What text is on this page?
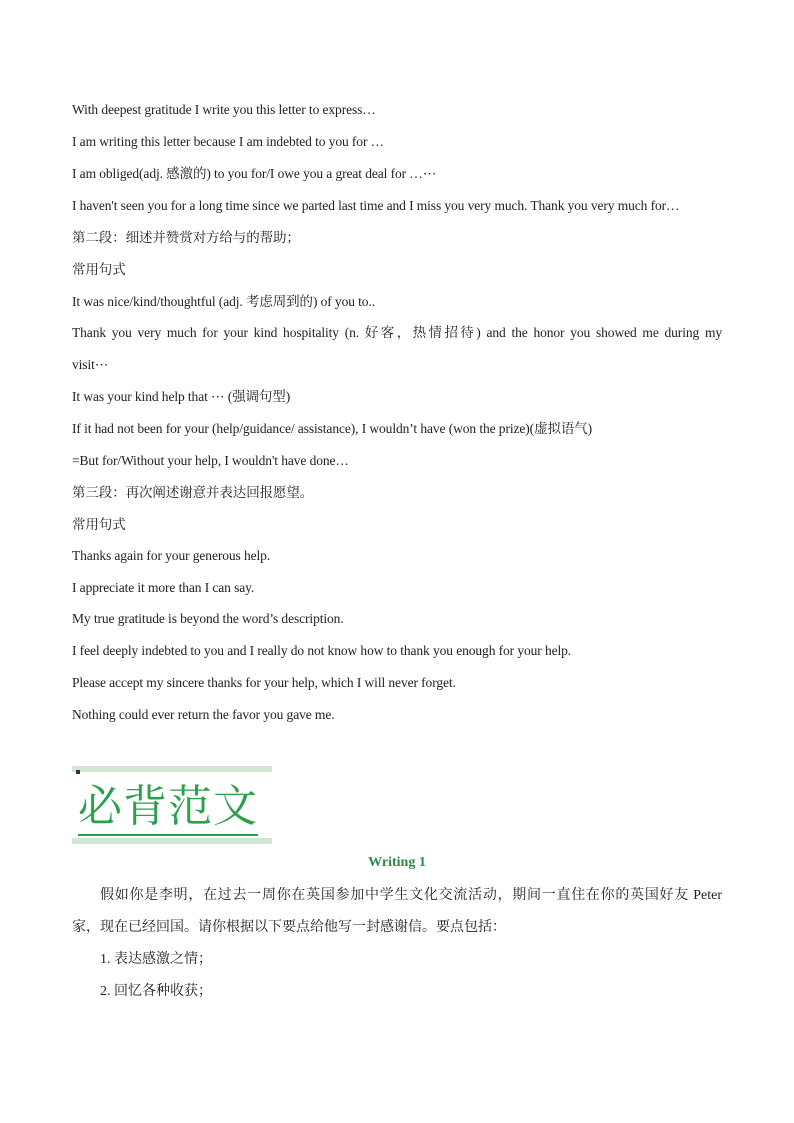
With deepest gratitude I write you this letter to express…
I am writing this letter because I am indebted to you for …
I am obliged(adj. 感激的) to you for/I owe you a great deal for …⋯
I haven't seen you for a long time since we parted last time and I miss you very much. Thank you very much for…
第二段：细述并赞赏对方给与的帮助；
常用句式
It was nice/kind/thoughtful (adj. 考虑周到的) of you to..
Thank you very much for your kind hospitality (n. 好客，热情招待) and the honor you showed me during my
visit⋯
It was your kind help that ⋯ (强调句型)
If it had not been for your (help/guidance/ assistance), I wouldn’t have (won the prize)(虚拟语气)
=But for/Without your help, I wouldn't have done…
第三段：再次阐述谢意并表达回报愿望。
常用句式
Thanks again for your generous help.
I appreciate it more than I can say.
My true gratitude is beyond the word’s description.
I feel deeply indebted to you and I really do not know how to thank you enough for your help.
Please accept my sincere thanks for your help, which I will never forget.
Nothing could ever return the favor you gave me.
必背范文
Writing 1
假如你是李明，在过去一周你在英国参加中学生文化交流活动，期间一直住在你的英国好友 Peter 家，现在已经回国。请你根据以下要点给他写一封感谢信。要点包括：
1. 表达感激之情；
2. 回忆各种收获；
